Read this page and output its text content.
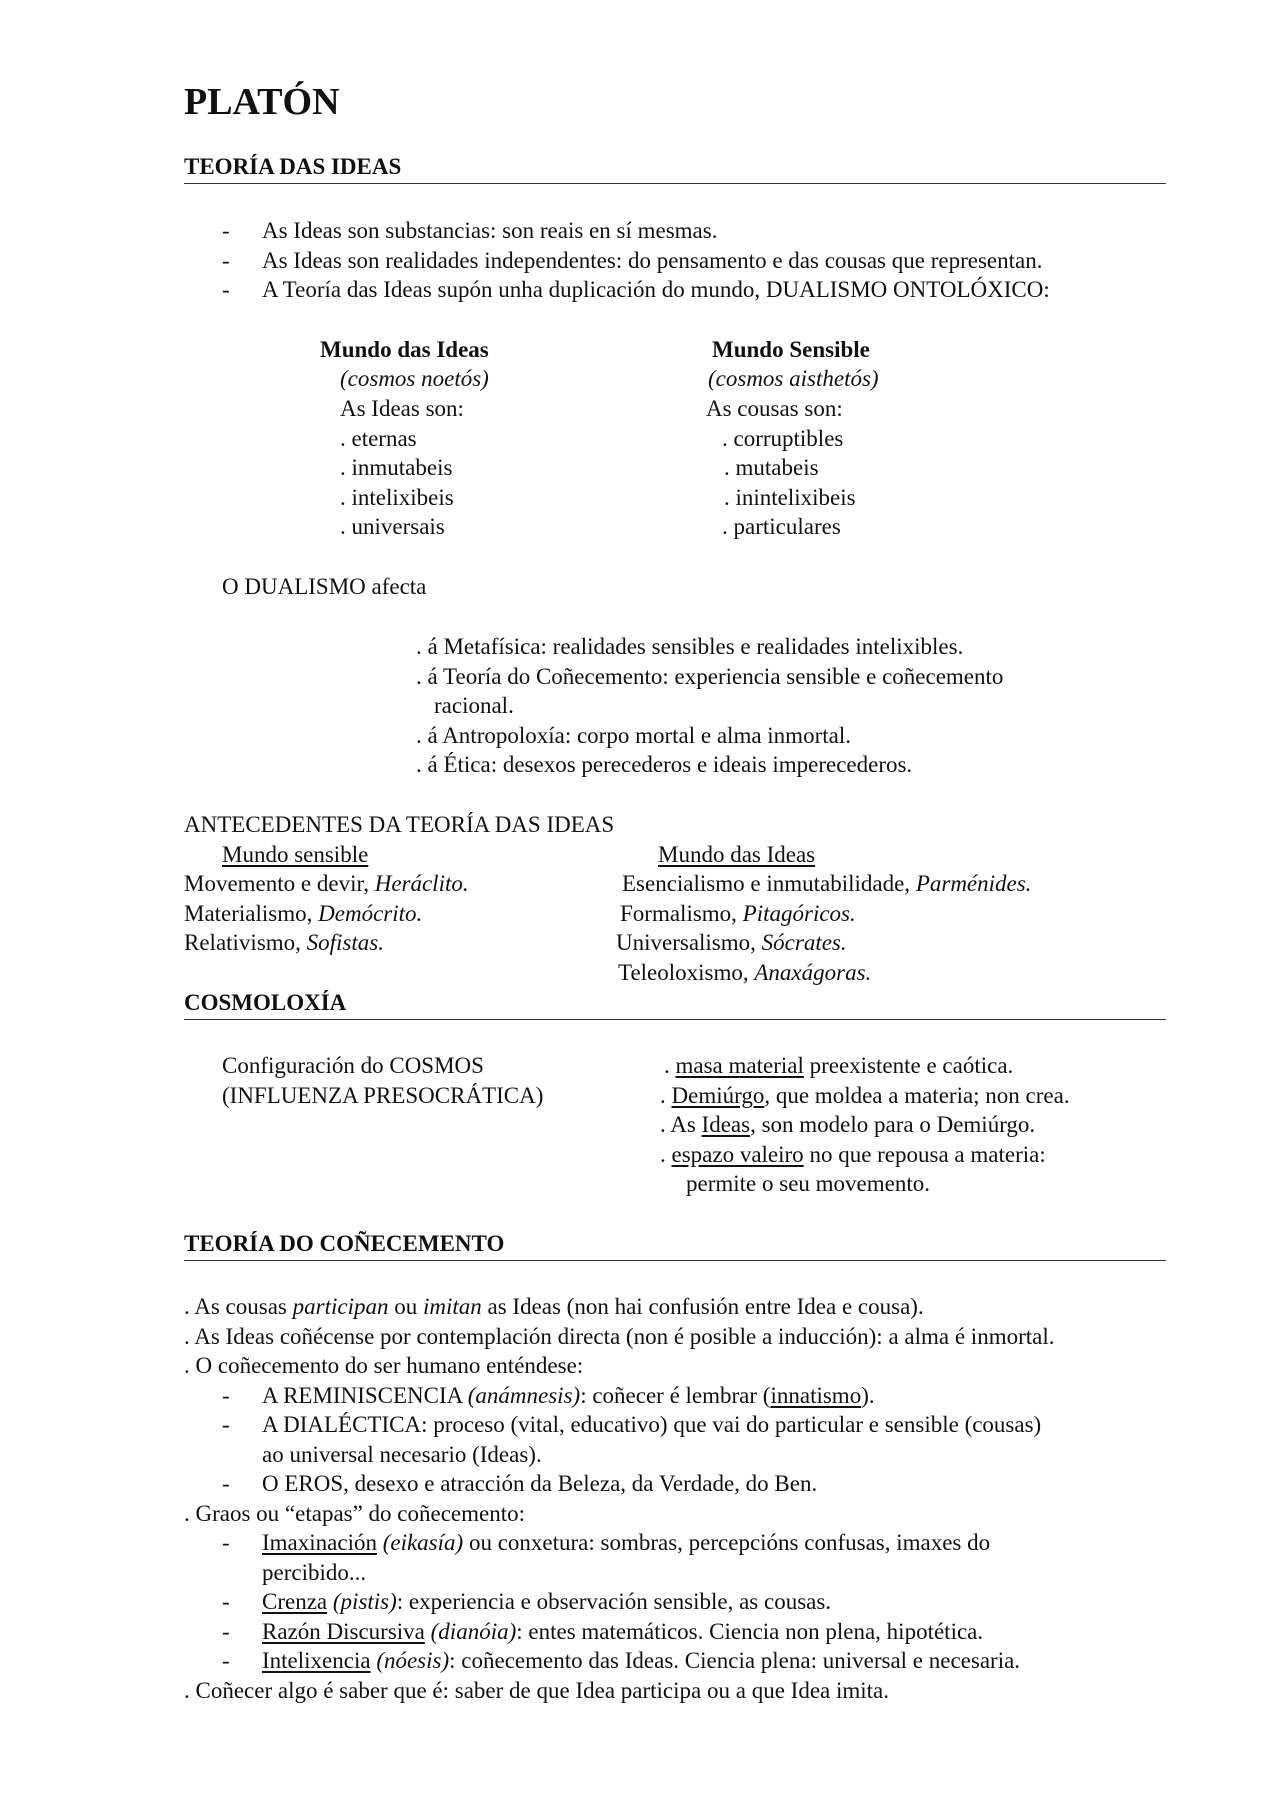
PLATÓN
TEORÍA DAS IDEAS
- As Ideas son substancias: son reais en sí mesmas.
- As Ideas son realidades independentes: do pensamento e das cousas que representan.
- A Teoría das Ideas supón unha duplicación do mundo, DUALISMO ONTOLÓXICO:
Mundo das Ideas
(cosmos noetós)
As Ideas son:
. eternas
. inmutabeis
. intelixibeis
. universais
Mundo Sensible
(cosmos aisthetós)
As cousas son:
. corruptibles
. mutabeis
. inintelixibeis
. particulares
O DUALISMO afecta
. á Metafísica: realidades sensibles e realidades intelixibles.
. á Teoría do Coñecemento: experiencia sensible e coñecemento
racional.
. á Antropoloxía: corpo mortal e alma inmortal.
. á Ética: desexos perecederos e ideais imperecederos.
ANTECEDENTES DA TEORÍA DAS IDEAS
Mundo sensible	Mundo das Ideas
Movemento e devir, Heráclito.
Materialismo, Demócrito.
Relativismo, Sofistas.
Esencialismo e inmutabilidade, Parménides.
Formalismo, Pitagóricos.
Universalismo, Sócrates.
Teleoloxismo, Anaxágoras.
COSMOLOXÍA
Configuración do COSMOS
(INFLUENZA PRESOCRÁTICA)
. masa material preexistente e caótica.
. Demiúrgo, que moldea a materia; non crea.
. As Ideas, son modelo para o Demiúrgo.
. espazo valeiro no que repousa a materia:
permite o seu movemento.
TEORÍA DO COÑECEMENTO
. As cousas participan ou imitan as Ideas (non hai confusión entre Idea e cousa).
. As Ideas coñécense por contemplación directa (non é posible a inducción): a alma é inmortal.
. O coñecemento do ser humano enténdese:
- A REMINISCENCIA (anámnesis): coñecer é lembrar (innatismo).
- A DIALÉCTICA: proceso (vital, educativo) que vai do particular e sensible (cousas)
ao universal necesario (Ideas).
- O EROS, desexo e atracción da Beleza, da Verdade, do Ben.
. Graos ou “etapas” do coñecemento:
- Imaxinación (eikasía) ou conxetura: sombras, percepcións confusas, imaxes do
percibido...
- Crenza (pistis): experiencia e observación sensible, as cousas.
- Razón Discursiva (dianóia): entes matemáticos. Ciencia non plena, hipotética.
- Intelixencia (nóesis): coñecemento das Ideas. Ciencia plena: universal e necesaria.
. Coñecer algo é saber que é: saber de que Idea participa ou a que Idea imita.
